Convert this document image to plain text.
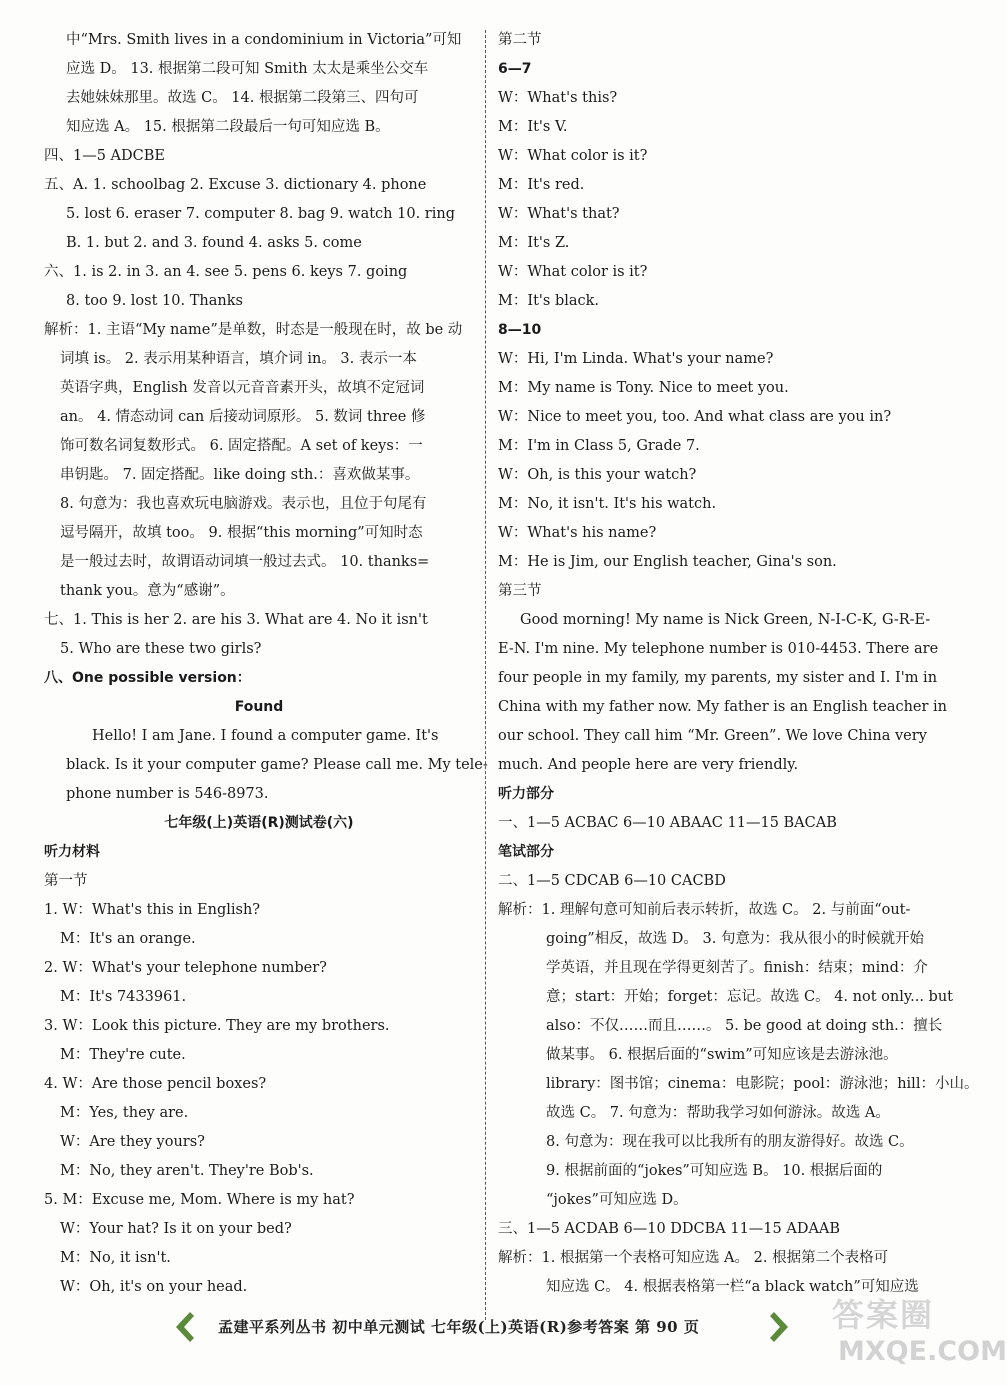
中“Mrs. Smith lives in a condominium in Victoria”可知
应选 D。 13. 根据第二段可知 Smith 太太是乘坐公交车
去她妹妹那里。故选 C。 14. 根据第二段第三、四句可
知应选 A。 15. 根据第二段最后一句可知应选 B。
四、1—5 ADCBE
五、A. 1. schoolbag 2. Excuse 3. dictionary 4. phone
5. lost 6. eraser 7. computer 8. bag 9. watch 10. ring
B. 1. but 2. and 3. found 4. asks 5. come
六、1. is 2. in 3. an 4. see 5. pens 6. keys 7. going
8. too 9. lost 10. Thanks
解析：1. 主语“My name”是单数，时态是一般现在时，故 be 动
词填 is。 2. 表示用某种语言，填介词 in。 3. 表示一本
英语字典，English 发音以元音音素开头，故填不定冠词
an。 4. 情态动词 can 后接动词原形。 5. 数词 three 修
饰可数名词复数形式。 6. 固定搭配。A set of keys：一
串钥匙。 7. 固定搭配。like doing sth.：喜欢做某事。
8. 句意为：我也喜欢玩电脑游戏。表示也，且位于句尾有
逗号隔开，故填 too。 9. 根据“this morning”可知时态
是一般过去时，故谓语动词填一般过去式。 10. thanks=
thank you。意为“感谢”。
七、1. This is her 2. are his 3. What are 4. No it isn't
5. Who are these two girls?
八、One possible version：
Found
Hello! I am Jane. I found a computer game. It's
black. Is it your computer game? Please call me. My tele-
phone number is 546-8973.
七年级(上)英语(R)测试卷(六)
听力材料
第一节
1. W：What's this in English?
M：It's an orange.
2. W：What's your telephone number?
M：It's 7433961.
3. W：Look this picture. They are my brothers.
M：They're cute.
4. W：Are those pencil boxes?
M：Yes, they are.
W：Are they yours?
M：No, they aren't. They're Bob's.
5. M：Excuse me, Mom. Where is my hat?
W：Your hat? Is it on your bed?
M：No, it isn't.
W：Oh, it's on your head.
第二节
6—7
W：What's this?
M：It's V.
W：What color is it?
M：It's red.
W：What's that?
M：It's Z.
W：What color is it?
M：It's black.
8—10
W：Hi, I'm Linda. What's your name?
M：My name is Tony. Nice to meet you.
W：Nice to meet you, too. And what class are you in?
M：I'm in Class 5, Grade 7.
W：Oh, is this your watch?
M：No, it isn't. It's his watch.
W：What's his name?
M：He is Jim, our English teacher, Gina's son.
第三节
Good morning! My name is Nick Green, N-I-C-K, G-R-E-
E-N. I'm nine. My telephone number is 010-4453. There are
four people in my family, my parents, my sister and I. I'm in
China with my father now. My father is an English teacher in
our school. They call him “Mr. Green”. We love China very
much. And people here are very friendly.
听力部分
一、1—5 ACBAC 6—10 ABAAC 11—15 BACAB
笔试部分
二、1—5 CDCAB 6—10 CACBD
解析：1. 理解句意可知前后表示转折，故选 C。 2. 与前面“out-
going”相反，故选 D。 3. 句意为：我从很小的时候就开始
学英语，并且现在学得更刻苦了。finish：结束；mind：介
意；start：开始；forget：忘记。故选 C。 4. not only... but
also：不仅……而且……。 5. be good at doing sth.：擅长
做某事。 6. 根据后面的“swim”可知应该是去游泳池。
library：图书馆；cinema：电影院；pool：游泳池；hill：小山。
故选 C。 7. 句意为：帮助我学习如何游泳。故选 A。
8. 句意为：现在我可以比我所有的朋友游得好。故选 C。
9. 根据前面的“jokes”可知应选 B。 10. 根据后面的
“jokes”可知应选 D。
三、1—5 ACDAB 6—10 DDCBA 11—15 ADAAB
解析：1. 根据第一个表格可知应选 A。 2. 根据第二个表格可
知应选 C。 4. 根据表格第一栏“a black watch”可知应选
孟建平系列丛书 初中单元测试 七年级(上)英语(R)参考答案 第 90 页	答案圈
MXQE.COM
